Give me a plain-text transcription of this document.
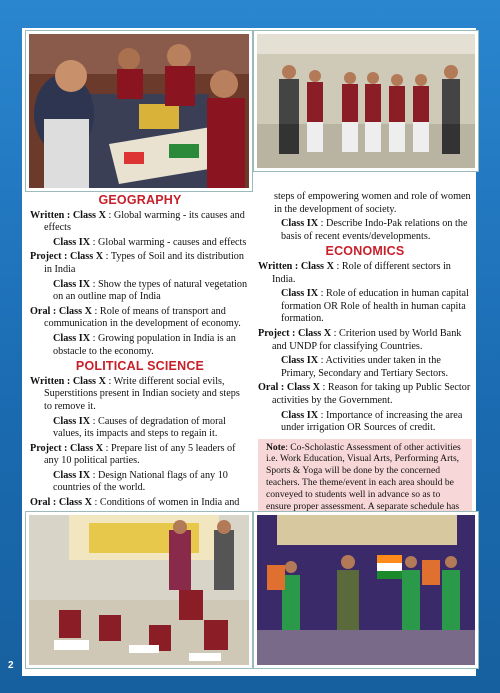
GEOGRAPHY

Written : Class X : Global warming - its causes and effects

Class IX : Global warming - causes and effects

Project : Class X : Types of Soil and its distribution in India

Class IX : Show the types of natural vegetation on an outline map of India

Oral : Class X : Role of means of transport and communication in the development of economy.

Class IX : Growing population in India is an obstacle to the economy.

POLITICAL SCIENCE

Written : Class X : Write different social evils, Superstitions present in Indian society and steps to remove it.

Class IX : Causes of degradation of moral values, its impacts and steps to regain it.

Project : Class X : Prepare list of any 5 leaders of any 10 political parties.

Class IX : Design National flags of any 10 countries of the world.

Oral : Class X : Conditions of women in India and

steps of empowering women and role of women in the development of society.

Class IX : Describe Indo-Pak relations on the basis of recent events/developments.

ECONOMICS

Written : Class X : Role of different sectors in India.

Class IX : Role of education in human capital formation OR Role of health in human capita formation.

Project : Class X : Criterion used by World Bank and UNDP for classifying Countries.

Class IX : Activities under taken in the Primary, Secondary and Tertiary Sectors.

Oral : Class X : Reason for taking up Public Sector activities by the Government.

Class IX : Importance of increasing the area under irrigation OR Sources of credit.

Note: Co-Scholastic Assessment of other activities i.e. Work Education, Visual Arts, Performing Arts, Sports & Yoga will be done by the concerned teachers. The theme/event in each area should be conveyed to students well in advance so as to ensure proper assessment. A separate schedule has
2
